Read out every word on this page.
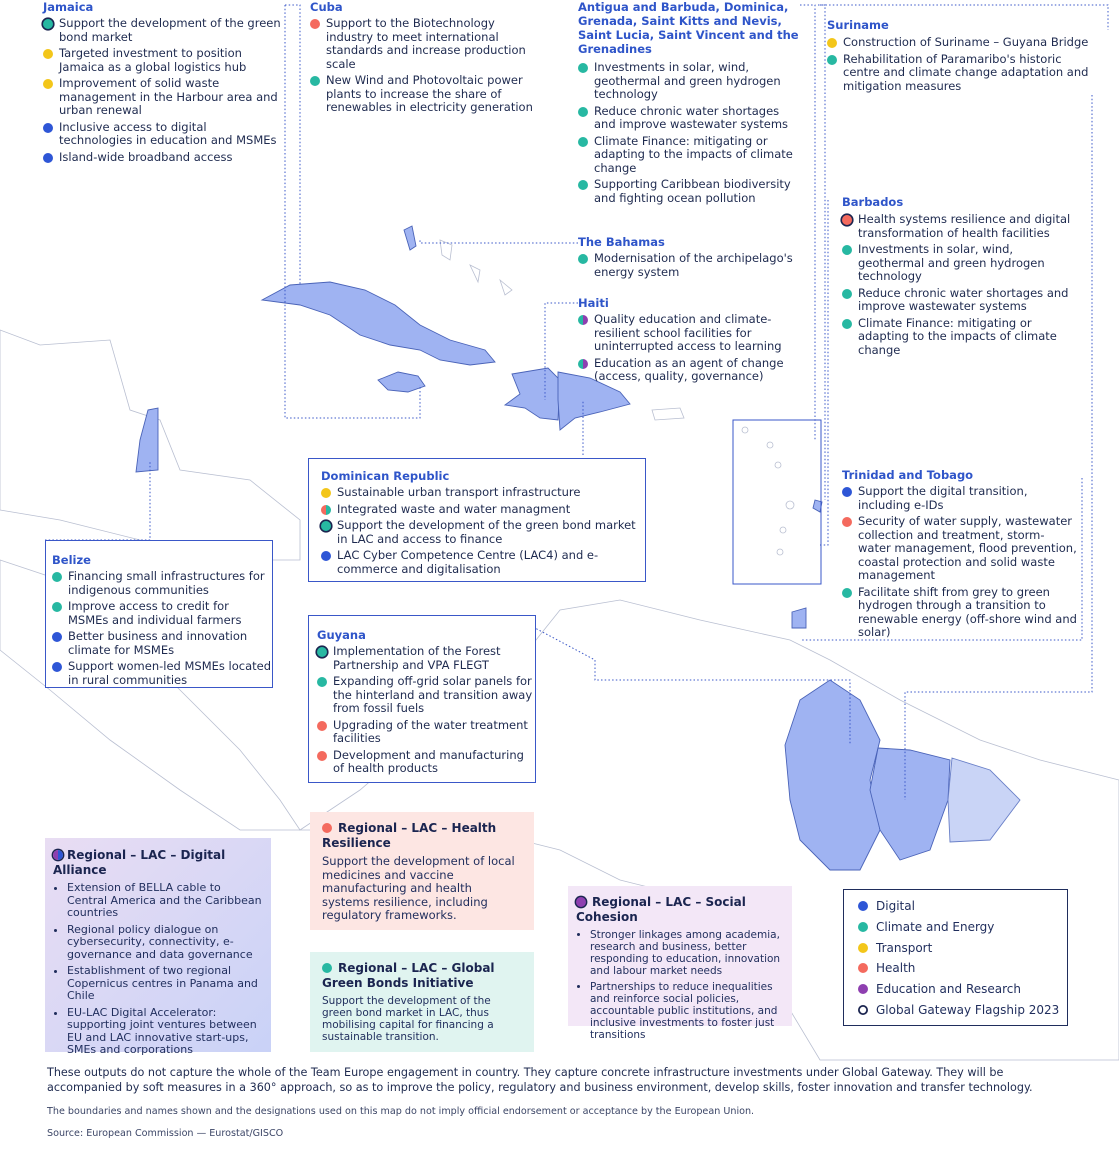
Jamaica
Support the development of the green bond market
Targeted investment to position Jamaica as a global logistics hub
Improvement of solid waste management in the Harbour area and urban renewal
Inclusive access to digital technologies in education and MSMEs
Island-wide broadband access
Cuba
Support to the Biotechnology industry to meet international standards and increase production scale
New Wind and Photovoltaic power plants to increase the share of renewables in electricity generation
Antigua and Barbuda, Dominica, Grenada, Saint Kitts and Nevis, Saint Lucia, Saint Vincent and the Grenadines
Investments in solar, wind, geothermal and green hydrogen technology
Reduce chronic water shortages and improve wastewater systems
Climate Finance: mitigating or adapting to the impacts of climate change
Supporting Caribbean biodiversity and fighting ocean pollution
Suriname
Construction of Suriname – Guyana Bridge
Rehabilitation of Paramaribo's historic centre and climate change adaptation and mitigation measures
The Bahamas
Modernisation of the archipelago's energy system
Haiti
Quality education and climate-resilient school facilities for uninterrupted access to learning
Education as an agent of change (access, quality, governance)
Barbados
Health systems resilience and digital transformation of health facilities
Investments in solar, wind, geothermal and green hydrogen technology
Reduce chronic water shortages and improve wastewater systems
Climate Finance: mitigating or adapting to the impacts of climate change
Dominican Republic
Sustainable urban transport infrastructure
Integrated waste and water managment
Support the development of the green bond market in LAC and access to finance
LAC Cyber Competence Centre (LAC4) and e-commerce and digitalisation
Trinidad and Tobago
Support the digital transition, including e-IDs
Security of water supply, wastewater collection and treatment, storm-water management, flood prevention, coastal protection and solid waste management
Facilitate shift from grey to green hydrogen through a transition to renewable energy (off-shore wind and solar)
Belize
Financing small infrastructures for indigenous communities
Improve access to credit for MSMEs and individual farmers
Better business and innovation climate for MSMEs
Support women-led MSMEs located in rural communities
Guyana
Implementation of the Forest Partnership and VPA FLEGT
Expanding off-grid solar panels for the hinterland and transition away from fossil fuels
Upgrading of the water treatment facilities
Development and manufacturing of health products
Regional – LAC – Digital Alliance
• Extension of BELLA cable to Central America and the Caribbean countries
• Regional policy dialogue on cybersecurity, connectivity, e-governance and data governance
• Establishment of two regional Copernicus centres in Panama and Chile
• EU-LAC Digital Accelerator: supporting joint ventures between EU and LAC innovative start-ups, SMEs and corporations
Regional – LAC – Health Resilience
Support the development of local medicines and vaccine manufacturing and health systems resilience, including regulatory frameworks.
Regional – LAC – Global Green Bonds Initiative
Support the development of the green bond market in LAC, thus mobilising capital for financing a sustainable transition.
Regional – LAC – Social Cohesion
• Stronger linkages among academia, research and business, better responding to education, innovation and labour market needs
• Partnerships to reduce inequalities and reinforce social policies, accountable public institutions, and inclusive investments to foster just transitions
Digital
Climate and Energy
Transport
Health
Education and Research
Global Gateway Flagship 2023
These outputs do not capture the whole of the Team Europe engagement in country. They capture concrete infrastructure investments under Global Gateway. They will be accompanied by soft measures in a 360° approach, so as to improve the policy, regulatory and business environment, develop skills, foster innovation and transfer technology.
The boundaries and names shown and the designations used on this map do not imply official endorsement or acceptance by the European Union.
Source: European Commission — Eurostat/GISCO
